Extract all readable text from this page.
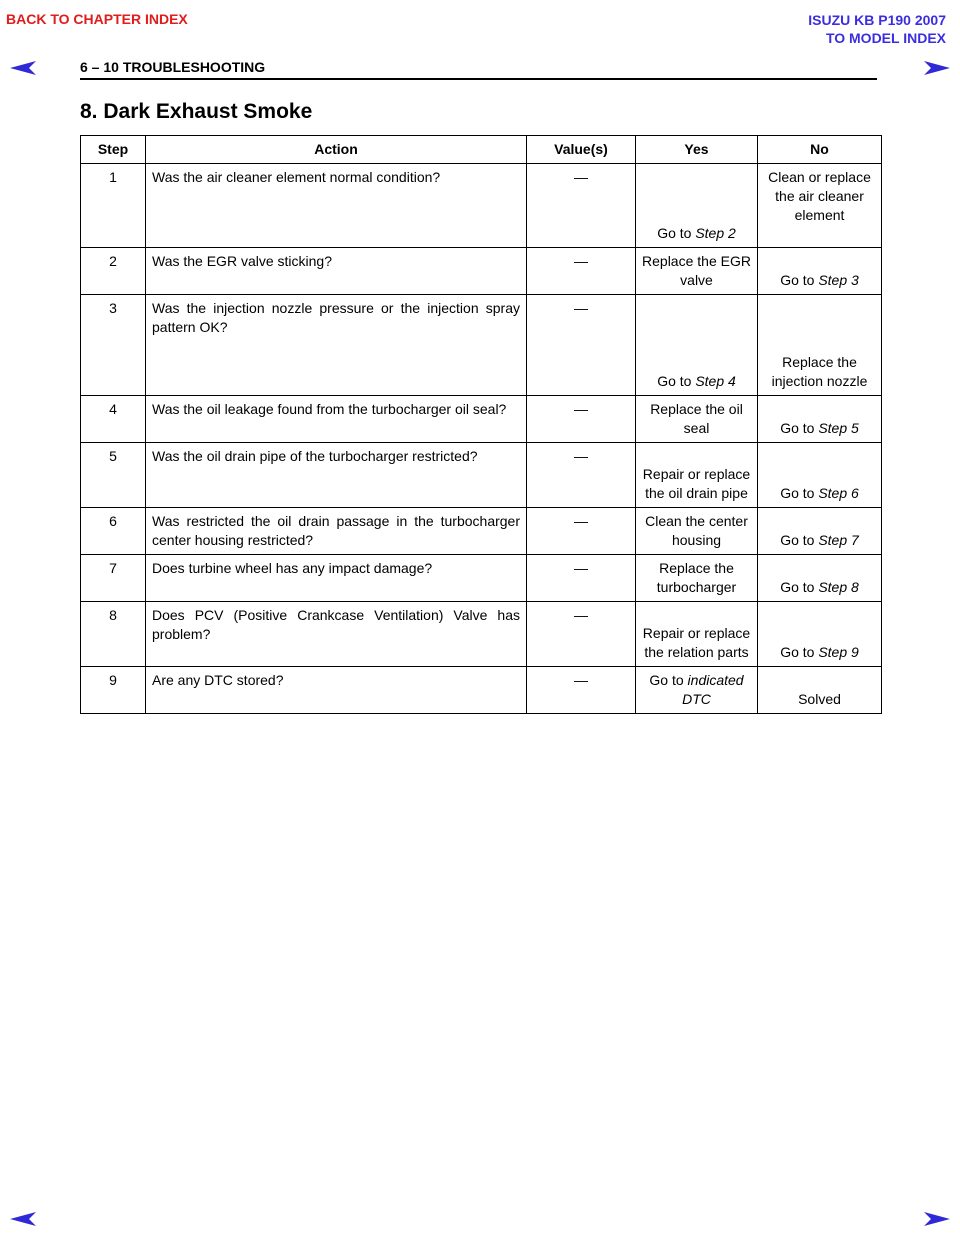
BACK TO CHAPTER INDEX	ISUZU KB P190 2007
TO MODEL INDEX
6 – 10 TROUBLESHOOTING
8. Dark Exhaust Smoke
Step	Action	Value(s)	Yes	No
1	Was the air cleaner element normal condition?	—	Go to Step 2	Clean or replace the air cleaner element
2	Was the EGR valve sticking?	—	Replace the EGR valve	Go to Step 3
3	Was the injection nozzle pressure or the injection spray pattern OK?	—	Go to Step 4	Replace the injection nozzle
4	Was the oil leakage found from the turbocharger oil seal?	—	Replace the oil seal	Go to Step 5
5	Was the oil drain pipe of the turbocharger restricted?	—	Repair or replace the oil drain pipe	Go to Step 6
6	Was restricted the oil drain passage in the turbocharger center housing restricted?	—	Clean the center housing	Go to Step 7
7	Does turbine wheel has any impact damage?	—	Replace the turbocharger	Go to Step 8
8	Does PCV (Positive Crankcase Ventilation) Valve has problem?	—	Repair or replace the relation parts	Go to Step 9
9	Are any DTC stored?	—	Go to indicated DTC	Solved
